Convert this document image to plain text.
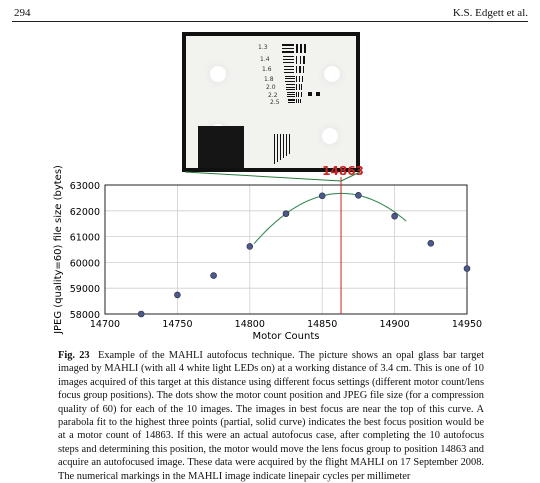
294	K.S. Edgett et al.
1.3
1.4
1.6
1.8
2.0
2.2
2.5
58000
59000
60000
61000
62000
63000
14700	14750	14800	14850	14900	14950
Motor Counts
JPEG (quality=60) file size (bytes)	14863
Fig. 23 Example of the MAHLI autofocus technique. The picture shows an opal glass bar target imaged by MAHLI (with all 4 white light LEDs on) at a working distance of 3.4 cm. This is one of 10 images acquired of this target at this distance using different focus settings (different motor count/lens focus group positions). The dots show the motor count position and JPEG file size (for a compression quality of 60) for each of the 10 images. The images in best focus are near the top of this curve. A parabola fit to the highest three points (partial, solid curve) indicates the best focus position would be at a motor count of 14863. If this were an actual autofocus case, after completing the 10 autofocus steps and determining this position, the motor would move the lens focus group to position 14863 and acquire an autofocused image. These data were acquired by the flight MAHLI on 17 September 2008. The numerical markings in the MAHLI image indicate linepair cycles per millimeter
